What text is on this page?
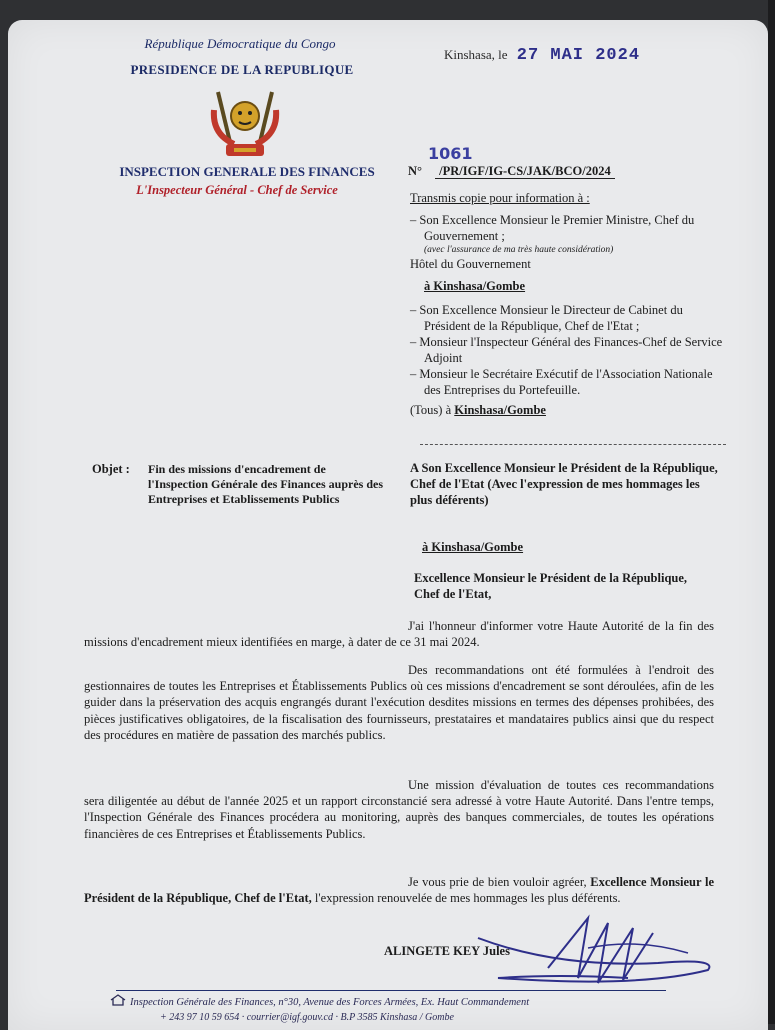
République Démocratique du Congo
PRESIDENCE DE LA REPUBLIQUE
INSPECTION GENERALE DES FINANCES
L'Inspecteur Général - Chef de Service
Kinshasa, le 27 MAI 2024
1061
N° /PR/IGF/IG-CS/JAK/BCO/2024
Transmis copie pour information à :
– Son Excellence Monsieur le Premier Ministre, Chef du Gouvernement ;
(avec l'assurance de ma très haute considération)
Hôtel du Gouvernement
à Kinshasa/Gombe
– Son Excellence Monsieur le Directeur de Cabinet du Président de la République, Chef de l'Etat ;
– Monsieur l'Inspecteur Général des Finances-Chef de Service Adjoint
– Monsieur le Secrétaire Exécutif de l'Association Nationale des Entreprises du Portefeuille.
(Tous) à Kinshasa/Gombe
Objet : Fin des missions d'encadrement de l'Inspection Générale des Finances auprès des Entreprises et Etablissements Publics
A Son Excellence Monsieur le Président de la République, Chef de l'Etat (Avec l'expression de mes hommages les plus déférents)
à Kinshasa/Gombe
Excellence Monsieur le Président de la République, Chef de l'Etat,
J'ai l'honneur d'informer votre Haute Autorité de la fin des missions d'encadrement mieux identifiées en marge, à dater de ce 31 mai 2024.
Des recommandations ont été formulées à l'endroit des gestionnaires de toutes les Entreprises et Établissements Publics où ces missions d'encadrement se sont déroulées, afin de les guider dans la préservation des acquis engrangés durant l'exécution desdites missions en termes des dépenses prohibées, des pièces justificatives obligatoires, de la fiscalisation des fournisseurs, prestataires et mandataires publics ainsi que du respect des procédures en matière de passation des marchés publics.
Une mission d'évaluation de toutes ces recommandations sera diligentée au début de l'année 2025 et un rapport circonstancié sera adressé à votre Haute Autorité. Dans l'entre temps, l'Inspection Générale des Finances procédera au monitoring, auprès des banques commerciales, de toutes les opérations financières de ces Entreprises et Établissements Publics.
Je vous prie de bien vouloir agréer, Excellence Monsieur le Président de la République, Chef de l'Etat, l'expression renouvelée de mes hommages les plus déférents.
ALINGETE KEY Jules
Inspection Générale des Finances, n°30, Avenue des Forces Armées, Ex. Haut Commandement
+ 243 97 10 59 654 · courrier@igf.gouv.cd · B.P 3585 Kinshasa / Gombe
